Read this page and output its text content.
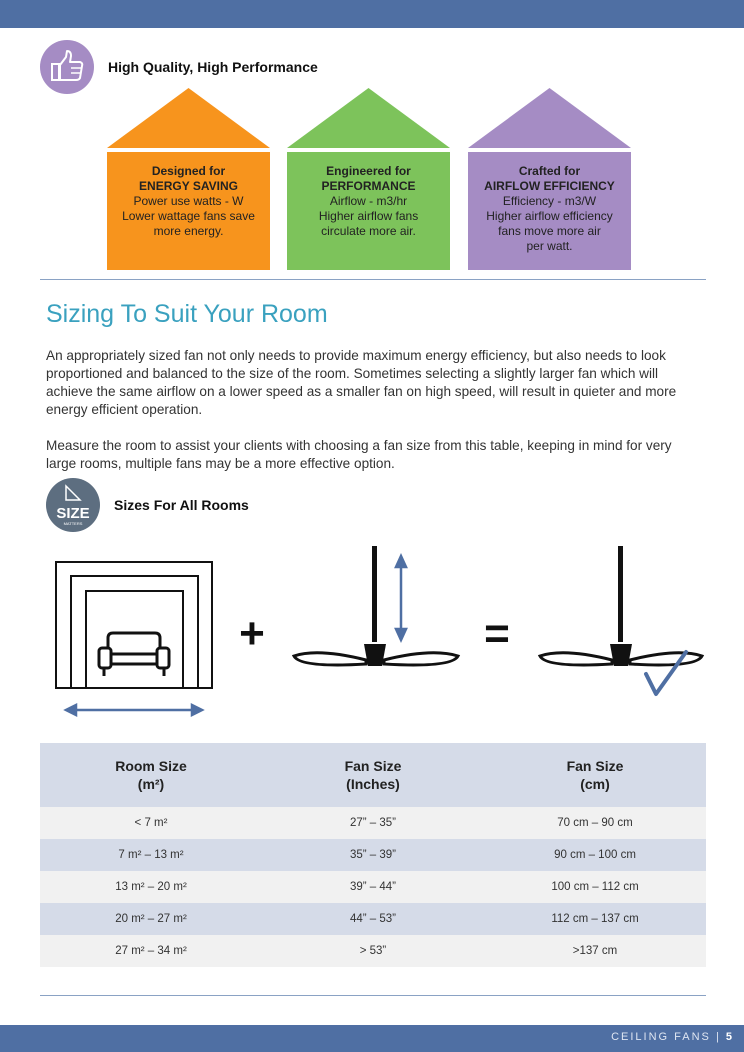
High Quality, High Performance
Designed for
ENERGY SAVING
Power use watts - W
Lower wattage fans save
more energy.
Engineered for
PERFORMANCE
Airflow - m3/hr
Higher airflow fans
circulate more air.
Crafted for
AIRFLOW EFFICIENCY
Efficiency - m3/W
Higher airflow efficiency
fans move more air
per watt.
Sizing To Suit Your Room

An appropriately sized fan not only needs to provide maximum energy efficiency, but also needs to look proportioned and balanced to the size of the room. Sometimes selecting a slightly larger fan which will achieve the same airflow on a lower speed as a smaller fan on high speed, will result in quieter and more energy efficient operation.

Measure the room to assist your clients with choosing a fan size from this table, keeping in mind for very large rooms, multiple fans may be a more effective option.

SIZE
MATTERS
Sizes For All Rooms
+	=
Room Size
(m²)
Fan Size
(Inches)
Fan Size
(cm)
< 7 m²	27” – 35”	70 cm – 90 cm
7 m² – 13 m²	35” – 39”	90 cm – 100 cm
13 m² – 20 m²	39” – 44”	100 cm – 112 cm
20 m² – 27 m²	44” – 53”	112 cm – 137 cm
27 m² – 34 m²	> 53”	>137 cm
CEILING FANS | 5
